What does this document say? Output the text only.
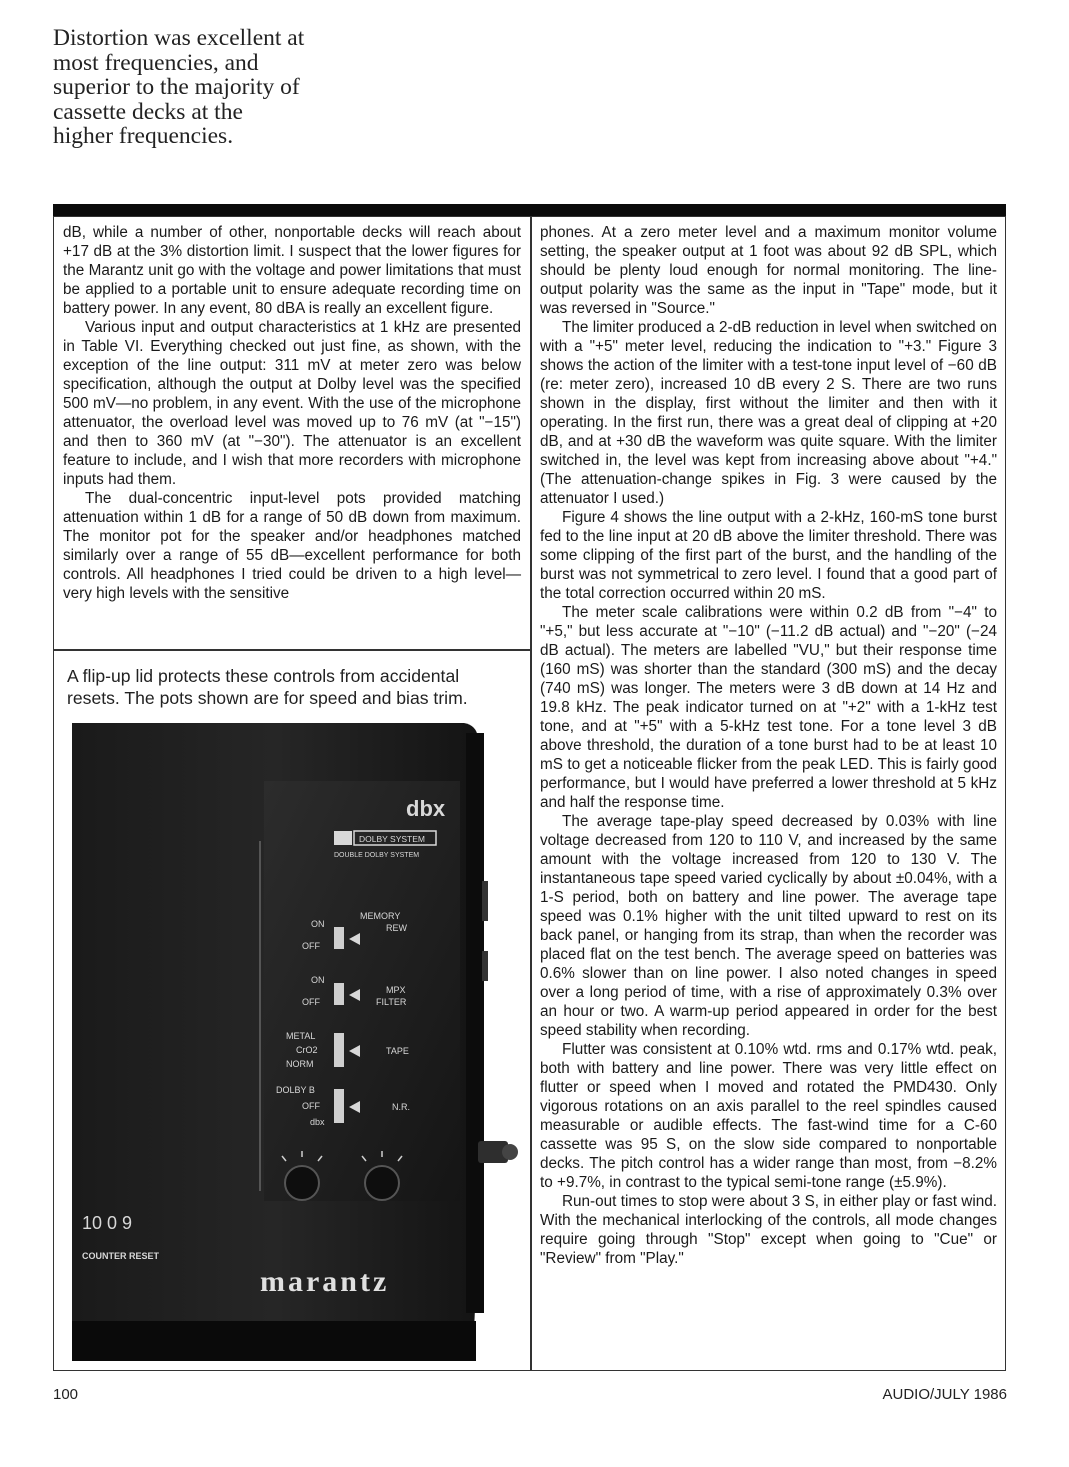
Distortion was excellent at
most frequencies, and
superior to the majority of
cassette decks at the
higher frequencies.

dB, while a number of other, nonportable decks will reach about +17 dB at the 3% distortion limit. I suspect that the lower figures for the Marantz unit go with the voltage and power limitations that must be applied to a portable unit to ensure adequate recording time on battery power. In any event, 80 dBA is really an excellent figure.

Various input and output characteristics at 1 kHz are presented in Table VI. Everything checked out just fine, as shown, with the exception of the line output: 311 mV at meter zero was below specification, although the output at Dolby level was the specified 500 mV—no problem, in any event. With the use of the microphone attenuator, the overload level was moved up to 76 mV (at "−15") and then to 360 mV (at "−30"). The attenuator is an excellent feature to include, and I wish that more recorders with microphone inputs had them.

The dual-concentric input-level pots provided matching attenuation within 1 dB for a range of 50 dB down from maximum. The monitor pot for the speaker and/or headphones matched similarly over a range of 55 dB—excellent performance for both controls. All headphones I tried could be driven to a high level—very high levels with the sensitive

A flip-up lid protects these controls from accidental
resets. The pots shown are for speed and bias trim.
dbx
DOLBY SYSTEM
DOUBLE DOLBY SYSTEM
MEMORY
REW
ON
OFF
ON
OFF
MPX
FILTER
METAL
CrO2
NORM
TAPE
DOLBY B
OFF
dbx
N.R.
10 0 9
COUNTER RESET
marantz

phones. At a zero meter level and a maximum monitor volume setting, the speaker output at 1 foot was about 92 dB SPL, which should be plenty loud enough for normal monitoring. The line-output polarity was the same as the input in "Tape" mode, but it was reversed in "Source."

The limiter produced a 2-dB reduction in level when switched on with a "+5" meter level, reducing the indication to "+3." Figure 3 shows the action of the limiter with a test-tone input level of −60 dB (re: meter zero), increased 10 dB every 2 S. There are two runs shown in the display, first without the limiter and then with it operating. In the first run, there was a great deal of clipping at +20 dB, and at +30 dB the waveform was quite square. With the limiter switched in, the level was kept from increasing above about "+4." (The attenuation-change spikes in Fig. 3 were caused by the attenuator I used.)

Figure 4 shows the line output with a 2-kHz, 160-mS tone burst fed to the line input at 20 dB above the limiter threshold. There was some clipping of the first part of the burst, and the handling of the burst was not symmetrical to zero level. I found that a good part of the total correction occurred within 20 mS.

The meter scale calibrations were within 0.2 dB from "−4" to "+5," but less accurate at "−10" (−11.2 dB actual) and "−20" (−24 dB actual). The meters are labelled "VU," but their response time (160 mS) was shorter than the standard (300 mS) and the decay (740 mS) was longer. The meters were 3 dB down at 14 Hz and 19.8 kHz. The peak indicator turned on at "+2" with a 1-kHz test tone, and at "+5" with a 5-kHz test tone. For a tone level 3 dB above threshold, the duration of a tone burst had to be at least 10 mS to get a noticeable flicker from the peak LED. This is fairly good performance, but I would have preferred a lower threshold at 5 kHz and half the response time.

The average tape-play speed decreased by 0.03% with line voltage decreased from 120 to 110 V, and increased by the same amount with the voltage increased from 120 to 130 V. The instantaneous tape speed varied cyclically by about ±0.04%, with a 1-S period, both on battery and line power. The average tape speed was 0.1% higher with the unit tilted upward to rest on its back panel, or hanging from its strap, than when the recorder was placed flat on the test bench. The average speed on batteries was 0.6% slower than on line power. I also noted changes in speed over a long period of time, with a rise of approximately 0.3% over an hour or two. A warm-up period appeared in order for the best speed stability when recording.

Flutter was consistent at 0.10% wtd. rms and 0.17% wtd. peak, both with battery and line power. There was very little effect on flutter or speed when I moved and rotated the PMD430. Only vigorous rotations on an axis parallel to the reel spindles caused measurable or audible effects. The fast-wind time for a C-60 cassette was 95 S, on the slow side compared to nonportable decks. The pitch control has a wider range than most, from −8.2% to +9.7%, in contrast to the typical semi-tone range (±5.9%).

Run-out times to stop were about 3 S, in either play or fast wind. With the mechanical interlocking of the controls, all mode changes require going through "Stop" except when going to "Cue" or "Review" from "Play."

100	AUDIO/JULY 1986
